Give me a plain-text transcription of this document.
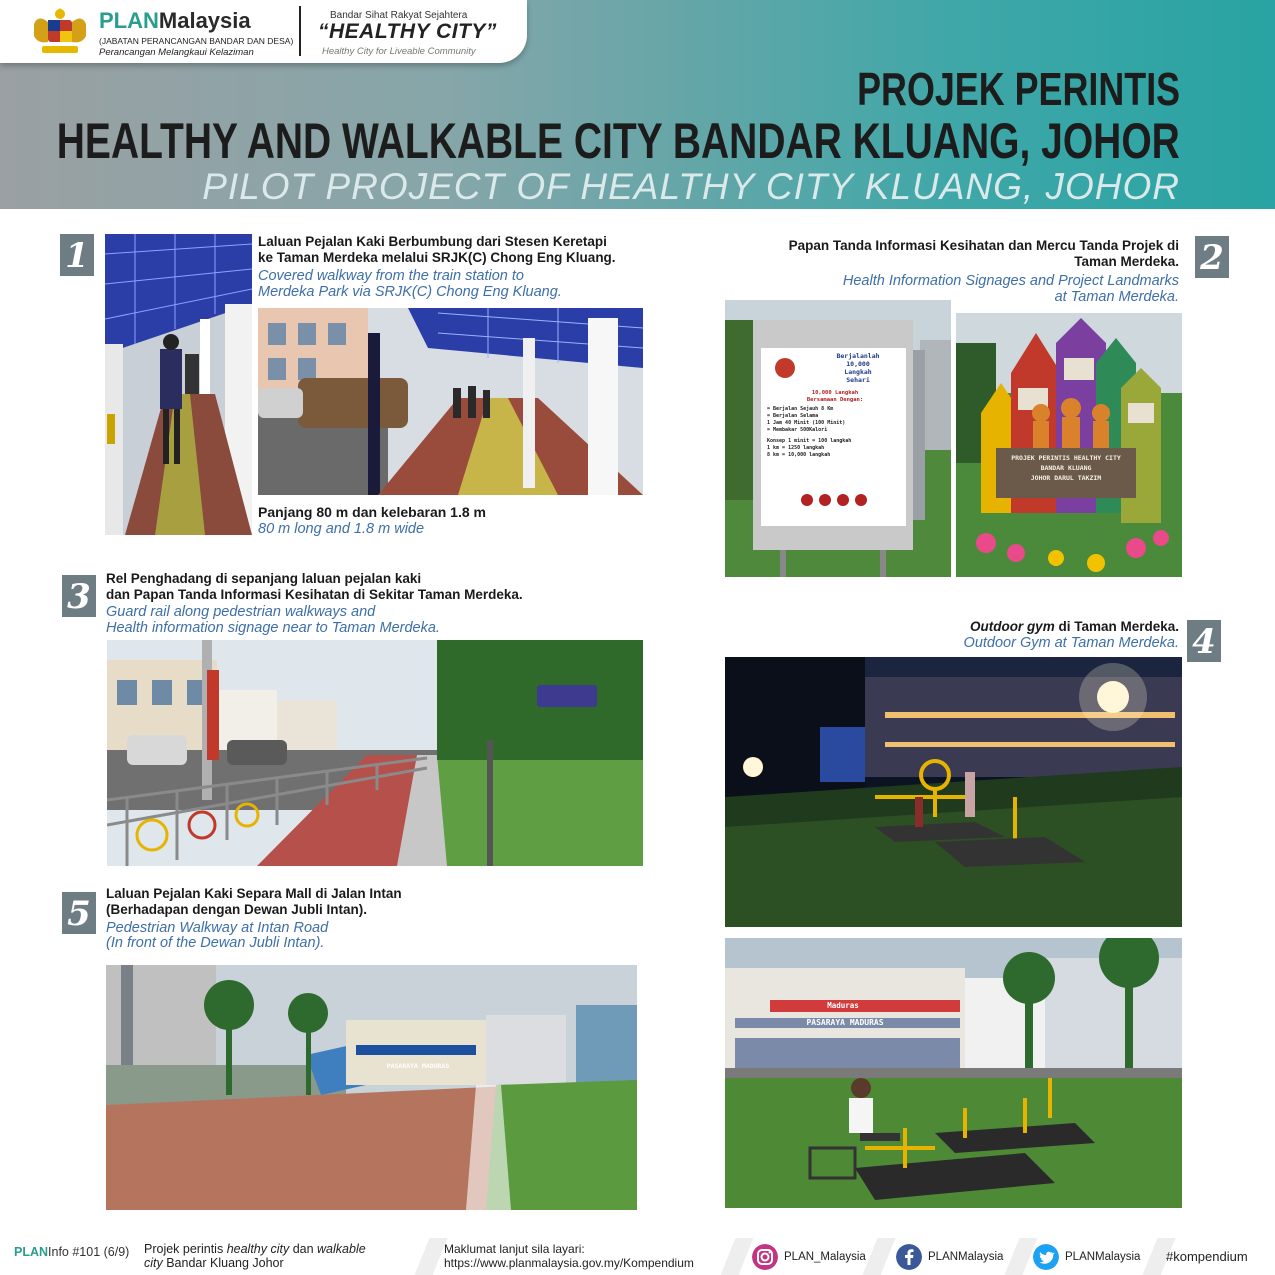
PLANMalaysia
(JABATAN PERANCANGAN BANDAR DAN DESA)
Perancangan Melangkaui Kelaziman
Bandar Sihat Rakyat Sejahtera
“HEALTHY CITY”
Healthy City for Liveable Community
PROJEK PERINTIS
HEALTHY AND WALKABLE CITY BANDAR KLUANG, JOHOR
PILOT PROJECT OF HEALTHY CITY KLUANG, JOHOR
1	Laluan Pejalan Kaki Berbumbung dari Stesen Keretapi
ke Taman Merdeka melalui SRJK(C) Chong Eng Kluang.
Covered walkway from the train station to
Merdeka Park via SRJK(C) Chong Eng Kluang.
Panjang 80 m dan kelebaran 1.8 m
80 m long and 1.8 m wide
Papan Tanda Informasi Kesihatan dan Mercu Tanda Projek di
Taman Merdeka.
Health Information Signages and Project Landmarks
at Taman Merdeka.
2
Berjalanlah
10,000
Langkah
Sehari
10,000 Langkah
Bersamaan Dengan:
= Berjalan Sejauh 8 Km
= Berjalan Selama
1 Jam 40 Minit (100 Minit)
= Membakar 500Kalori
Konsep 1 minit = 100 langkah
1 km = 1250 langkah
8 km = 10,000 langkah	PROJEK PERINTIS HEALTHY CITY
BANDAR KLUANG
JOHOR DARUL TAKZIM
3	Rel Penghadang di sepanjang laluan pejalan kaki
dan Papan Tanda Informasi Kesihatan di Sekitar Taman Merdeka.
Guard rail along pedestrian walkways and
Health information signage near to Taman Merdeka.	Outdoor gym di Taman Merdeka.
Outdoor Gym at Taman Merdeka. 4
Maduras
PASARAYA MADURAS
5
Laluan Pejalan Kaki Separa Mall di Jalan Intan
(Berhadapan dengan Dewan Jubli Intan).
Pedestrian Walkway at Intan Road
(In front of the Dewan Jubli Intan).
PASARAYA MADURAS
PLANInfo #101 (6/9) Projek perintis healthy city dan walkable
city Bandar Kluang Johor
Maklumat lanjut sila layari:
https://www.planmalaysia.gov.my/Kompendium	PLAN_Malaysia	PLANMalaysia	PLANMalaysia #kompendium
